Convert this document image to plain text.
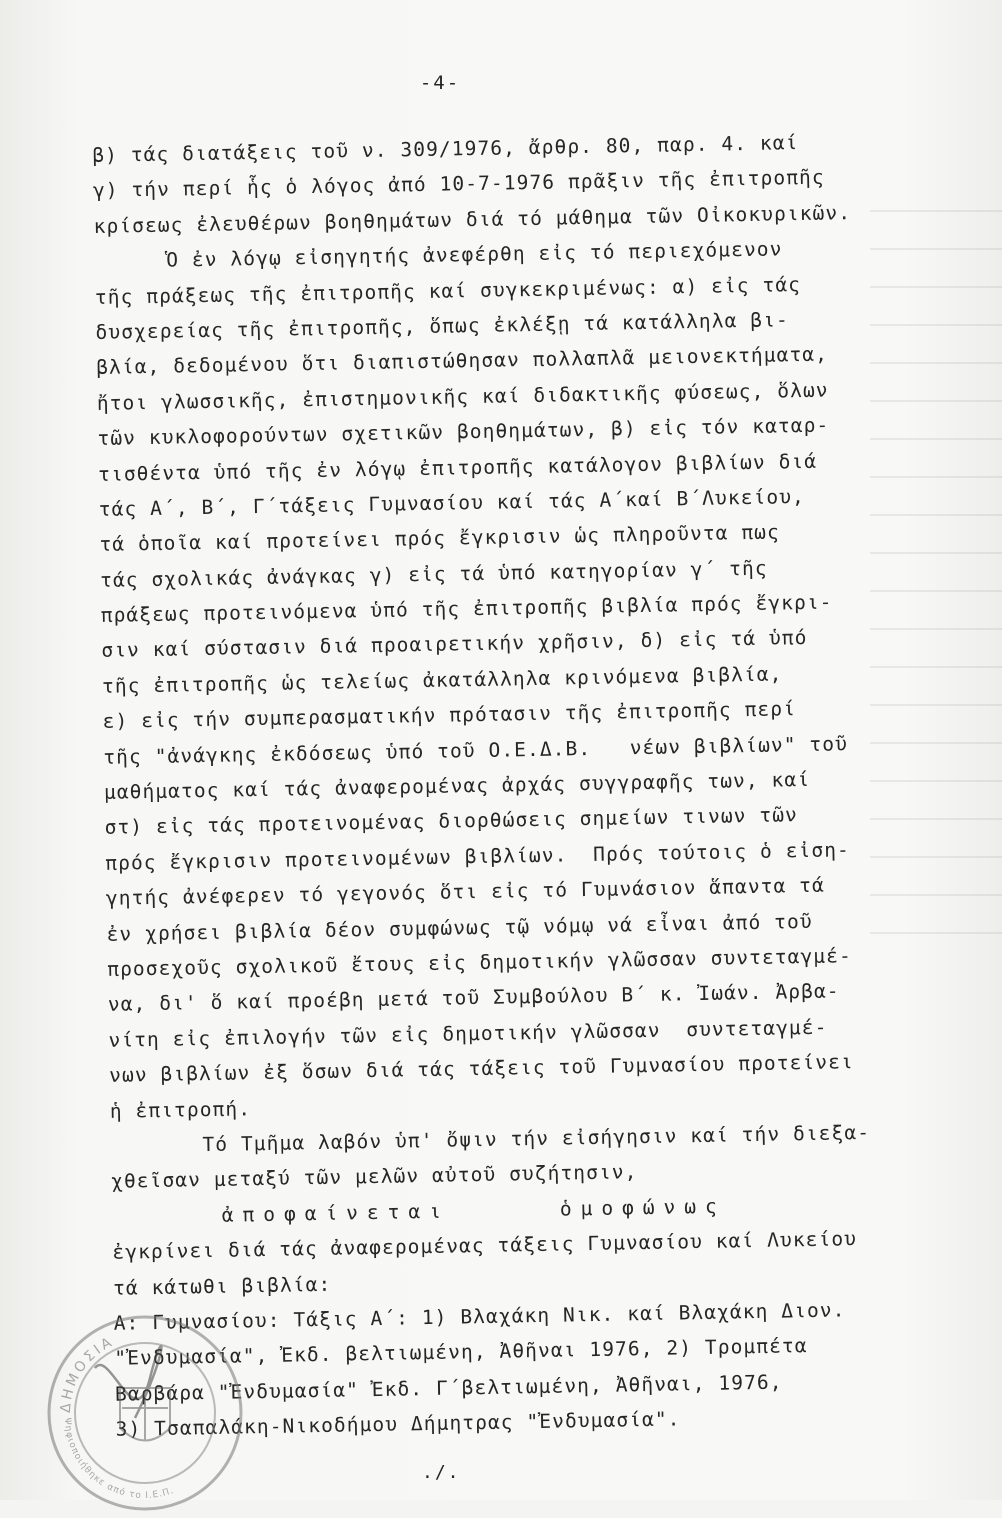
-4-
β) τάς διατάξεις τοῦ ν. 309/1976, ἄρθρ. 80, παρ. 4. καί
γ) τήν περί ἧς ὁ λόγος ἀπό 10-7-1976 πρᾶξιν τῆς ἐπιτροπῆς
κρίσεως ἐλευθέρων βοηθημάτων διά τό μάθημα τῶν Οἰκοκυρικῶν.
Ὁ ἐν λόγῳ εἰσηγητής ἀνεφέρθη εἰς τό περιεχόμενον
τῆς πράξεως τῆς ἐπιτροπῆς καί συγκεκριμένως: α) εἰς τάς
δυσχερείας τῆς ἐπιτροπῆς, ὅπως ἐκλέξῃ τά κατάλληλα βι-
βλία, δεδομένου ὅτι διαπιστώθησαν πολλαπλᾶ μειονεκτήματα,
ἤτοι γλωσσικῆς, ἐπιστημονικῆς καί διδακτικῆς φύσεως, ὅλων
τῶν κυκλοφορούντων σχετικῶν βοηθημάτων, β) εἰς τόν καταρ-
τισθέντα ὑπό τῆς ἐν λόγῳ ἐπιτροπῆς κατάλογον βιβλίων διά
τάς Α΄, Β΄, Γ΄τάξεις Γυμνασίου καί τάς Α΄καί Β΄Λυκείου,
τά ὁποῖα καί προτείνει πρός ἔγκρισιν ὡς πληροῦντα πως
τάς σχολικάς ἀνάγκας γ) εἰς τά ὑπό κατηγορίαν γ΄ τῆς
πράξεως προτεινόμενα ὑπό τῆς ἐπιτροπῆς βιβλία πρός ἔγκρι-
σιν καί σύστασιν διά προαιρετικήν χρῆσιν, δ) εἰς τά ὑπό
τῆς ἐπιτροπῆς ὡς τελείως ἀκατάλληλα κρινόμενα βιβλία,
ε) εἰς τήν συμπερασματικήν πρότασιν τῆς ἐπιτροπῆς περί
τῆς "ἀνάγκης ἐκδόσεως ὑπό τοῦ Ο.Ε.Δ.Β.   νέων βιβλίων" τοῦ
μαθήματος καί τάς ἀναφερομένας ἀρχάς συγγραφῆς των, καί
στ) εἰς τάς προτεινομένας διορθώσεις σημείων τινων τῶν
πρός ἔγκρισιν προτεινομένων βιβλίων.  Πρός τούτοις ὁ εἰση-
γητής ἀνέφερεν τό γεγονός ὅτι εἰς τό Γυμνάσιον ἅπαντα τά
ἐν χρήσει βιβλία δέον συμφώνως τῷ νόμῳ νά εἶναι ἀπό τοῦ
προσεχοῦς σχολικοῦ ἔτους εἰς δημοτικήν γλῶσσαν συντεταγμέ-
να, δι' ὅ καί προέβη μετά τοῦ Συμβούλου Β΄ κ. Ἰωάν. Ἀρβα-
νίτη εἰς ἐπιλογήν τῶν εἰς δημοτικήν γλῶσσαν  συντεταγμέ-
νων βιβλίων ἐξ ὅσων διά τάς τάξεις τοῦ Γυμνασίου προτείνει
ἡ ἐπιτροπή.
Τό Τμῆμα λαβόν ὑπ' ὄψιν τήν εἰσήγησιν καί τήν διεξα-
χθεῖσαν μεταξύ τῶν μελῶν αὐτοῦ συζήτησιν,
ἀποφαίνεται	ὁμοφώνως
ἐγκρίνει διά τάς ἀναφερομένας τάξεις Γυμνασίου καί Λυκείου
τά κάτωθι βιβλία:
Α: Γυμνασίου: Τάξις Α΄: 1) Βλαχάκη Νικ. καί Βλαχάκη Διον.
"Ἐνδυμασία", Ἐκδ. βελτιωμένη, Ἀθῆναι 1976, 2) Τρομπέτα
Βαρβάρα "Ἐνδυμασία" Ἐκδ. Γ΄βελτιωμένη, Ἀθῆναι, 1976,
3) Τσαπαλάκη-Νικοδήμου Δήμητρας "Ἐνδυμασία".
ΔΗΜΟΣΙΑ
Ψηφιοποιήθηκε από το Ι.Ε.Π.
./.
